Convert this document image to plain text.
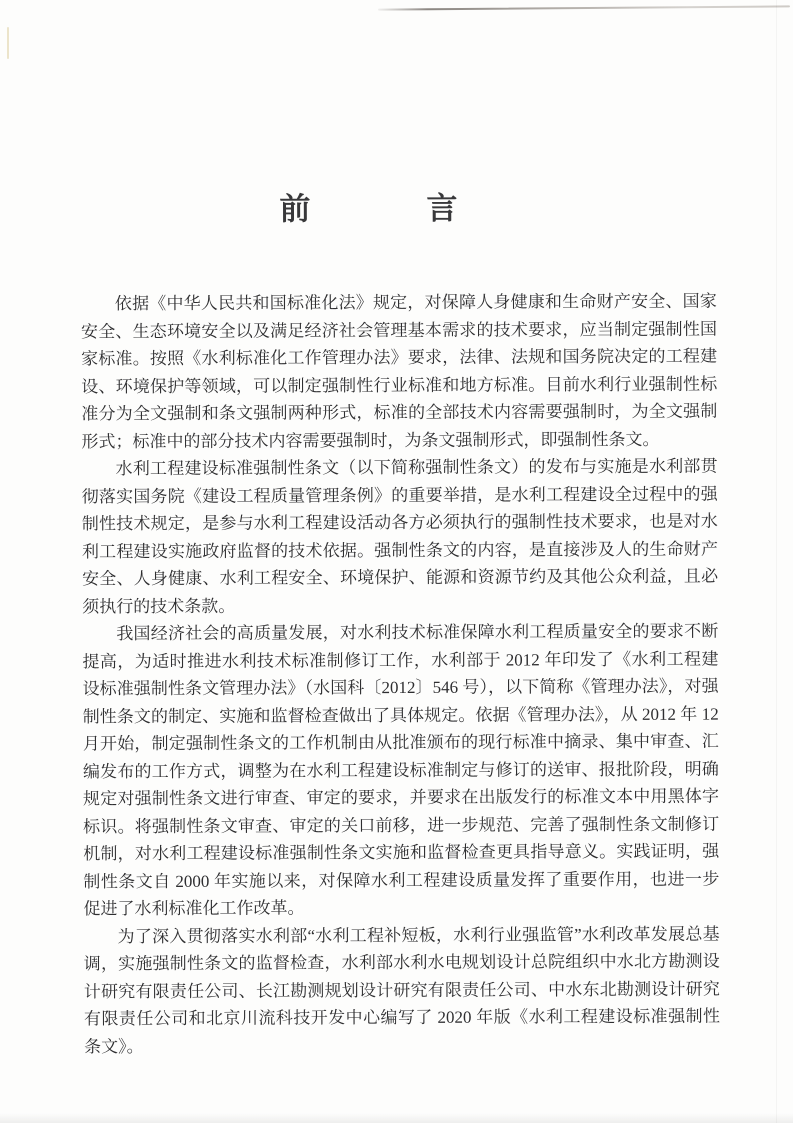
前	言

依据《中华人民共和国标准化法》规定，对保障人身健康和生命财产安全、国家安全、生态环境安全以及满足经济社会管理基本需求的技术要求，应当制定强制性国家标准。按照《水利标准化工作管理办法》要求，法律、法规和国务院决定的工程建设、环境保护等领域，可以制定强制性行业标准和地方标准。目前水利行业强制性标准分为全文强制和条文强制两种形式，标准的全部技术内容需要强制时，为全文强制形式；标准中的部分技术内容需要强制时，为条文强制形式，即强制性条文。

水利工程建设标准强制性条文（以下简称强制性条文）的发布与实施是水利部贯彻落实国务院《建设工程质量管理条例》的重要举措，是水利工程建设全过程中的强制性技术规定，是参与水利工程建设活动各方必须执行的强制性技术要求，也是对水利工程建设实施政府监督的技术依据。强制性条文的内容，是直接涉及人的生命财产安全、人身健康、水利工程安全、环境保护、能源和资源节约及其他公众利益，且必须执行的技术条款。

我国经济社会的高质量发展，对水利技术标准保障水利工程质量安全的要求不断提高，为适时推进水利技术标准制修订工作，水利部于 2012 年印发了《水利工程建设标准强制性条文管理办法》（水国科〔2012〕546 号），以下简称《管理办法》，对强制性条文的制定、实施和监督检查做出了具体规定。依据《管理办法》，从 2012 年 12 月开始，制定强制性条文的工作机制由从批准颁布的现行标准中摘录、集中审查、汇编发布的工作方式，调整为在水利工程建设标准制定与修订的送审、报批阶段，明确规定对强制性条文进行审查、审定的要求，并要求在出版发行的标准文本中用黑体字标识。将强制性条文审查、审定的关口前移，进一步规范、完善了强制性条文制修订机制，对水利工程建设标准强制性条文实施和监督检查更具指导意义。实践证明，强制性条文自 2000 年实施以来，对保障水利工程建设质量发挥了重要作用，也进一步促进了水利标准化工作改革。

为了深入贯彻落实水利部“水利工程补短板，水利行业强监管”水利改革发展总基调，实施强制性条文的监督检查，水利部水利水电规划设计总院组织中水北方勘测设计研究有限责任公司、长江勘测规划设计研究有限责任公司、中水东北勘测设计研究有限责任公司和北京川流科技开发中心编写了 2020 年版《水利工程建设标准强制性条文》。
